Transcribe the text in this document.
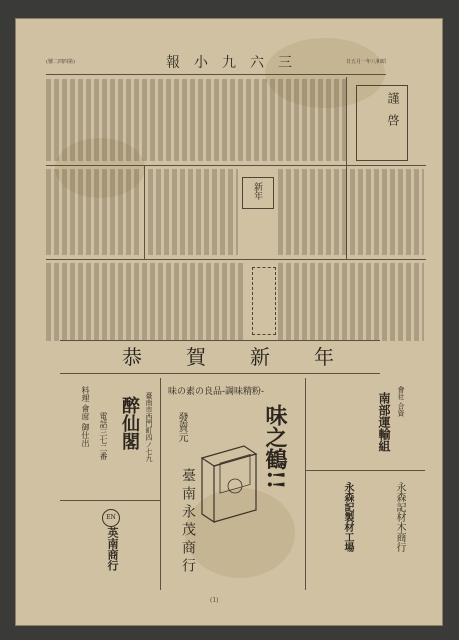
(號二四四第)	報小九六三	日五月一年八和昭
謹啓
新年
恭賀新年
醉仙閣
料理 會席 御仕出 電話三七二番	臺南市西門町四ノ七九
EN
英南商行
味の素の良品-調味精粉-
味之鶴!!
發賣元
臺南永茂商行
南部運輸組 會社 合資
永森記製材工場	永森記材木商行
(1)
